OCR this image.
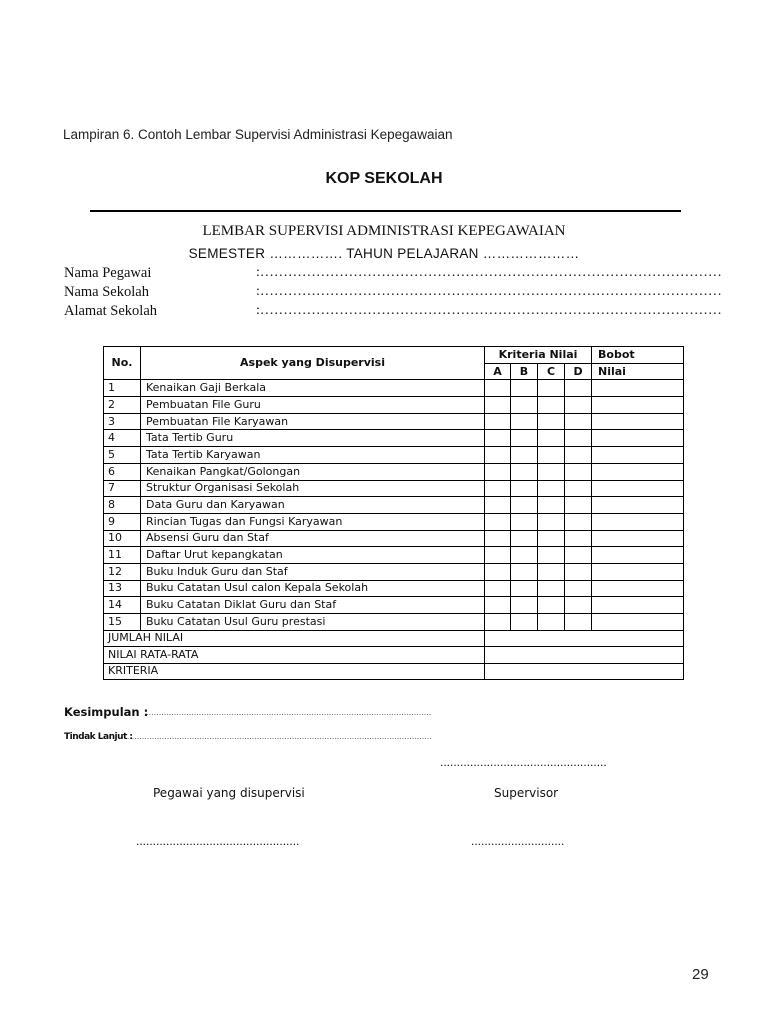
Lampiran 6. Contoh Lembar Supervisi Administrasi Kepegawaian
KOP SEKOLAH
LEMBAR SUPERVISI ADMINISTRASI KEPEGAWAIAN
SEMESTER ……………. TAHUN PELAJARAN …………………
Nama Pegawai	:………………………………………………………………………………………
Nama Sekolah	:………………………………………………………………………………………
Alamat Sekolah	:………………………………………………………………………………………
No.	Aspek yang Disupervisi	Kriteria Nilai				Bobot
		A	B	C	D	Nilai
1	Kenaikan Gaji Berkala					
2	Pembuatan File Guru					
3	Pembuatan File Karyawan					
4	Tata Tertib Guru					
5	Tata Tertib Karyawan					
6	Kenaikan Pangkat/Golongan					
7	Struktur Organisasi Sekolah					
8	Data Guru dan Karyawan					
9	Rincian Tugas dan Fungsi Karyawan					
10	Absensi Guru dan Staf					
11	Daftar Urut kepangkatan					
12	Buku Induk Guru dan Staf					
13	Buku Catatan Usul calon Kepala Sekolah					
14	Buku Catatan Diklat Guru dan Staf					
15	Buku Catatan Usul Guru prestasi					
JUMLAH NILAI						
NILAI RATA-RATA						
KRITERIA						
Kesimpulan :
……………………………………………………………………………………………………
Tindak Lanjut :
……………………………………………………………………………………………………………
..................................................
Pegawai yang disupervisi	Supervisor
.................................................	............................
29
